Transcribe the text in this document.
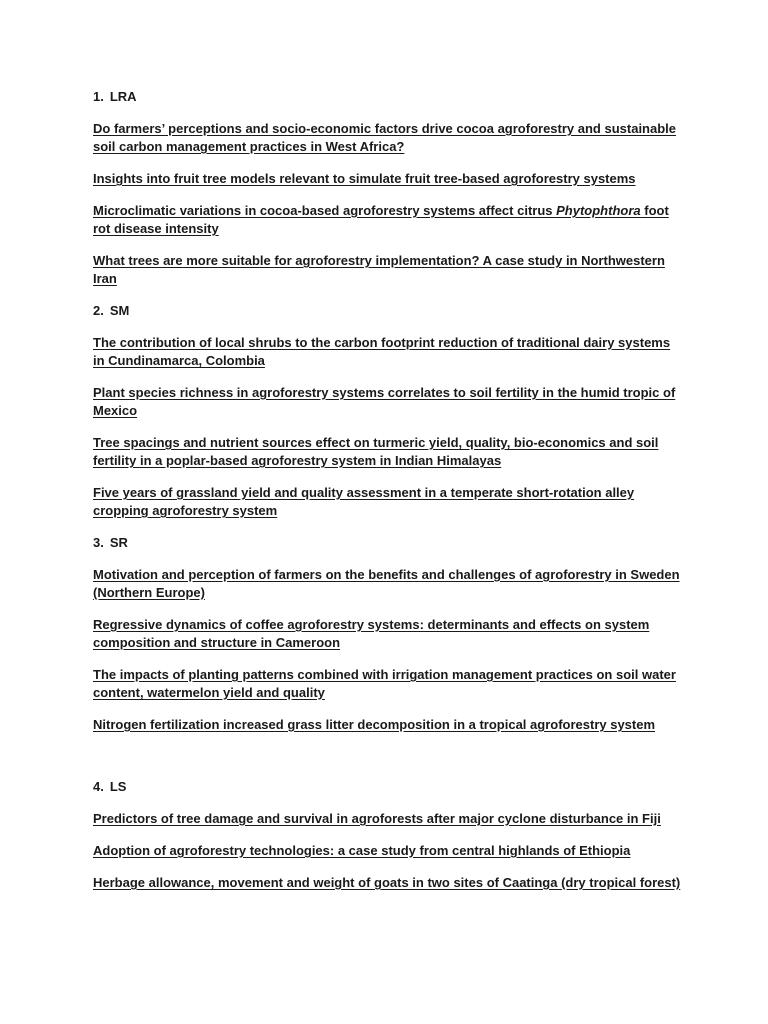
1. LRA

Do farmers’ perceptions and socio-economic factors drive cocoa agroforestry and sustainable soil carbon management practices in West Africa?

Insights into fruit tree models relevant to simulate fruit tree-based agroforestry systems

Microclimatic variations in cocoa-based agroforestry systems affect citrus Phytophthora foot rot disease intensity

What trees are more suitable for agroforestry implementation? A case study in Northwestern Iran

2. SM

The contribution of local shrubs to the carbon footprint reduction of traditional dairy systems in Cundinamarca, Colombia

Plant species richness in agroforestry systems correlates to soil fertility in the humid tropic of Mexico

Tree spacings and nutrient sources effect on turmeric yield, quality, bio-economics and soil fertility in a poplar-based agroforestry system in Indian Himalayas

Five years of grassland yield and quality assessment in a temperate short-rotation alley cropping agroforestry system

3. SR

Motivation and perception of farmers on the benefits and challenges of agroforestry in Sweden (Northern Europe)

Regressive dynamics of coffee agroforestry systems: determinants and effects on system composition and structure in Cameroon

The impacts of planting patterns combined with irrigation management practices on soil water content, watermelon yield and quality

Nitrogen fertilization increased grass litter decomposition in a tropical agroforestry system

4. LS

Predictors of tree damage and survival in agroforests after major cyclone disturbance in Fiji

Adoption of agroforestry technologies: a case study from central highlands of Ethiopia

Herbage allowance, movement and weight of goats in two sites of Caatinga (dry tropical forest)
